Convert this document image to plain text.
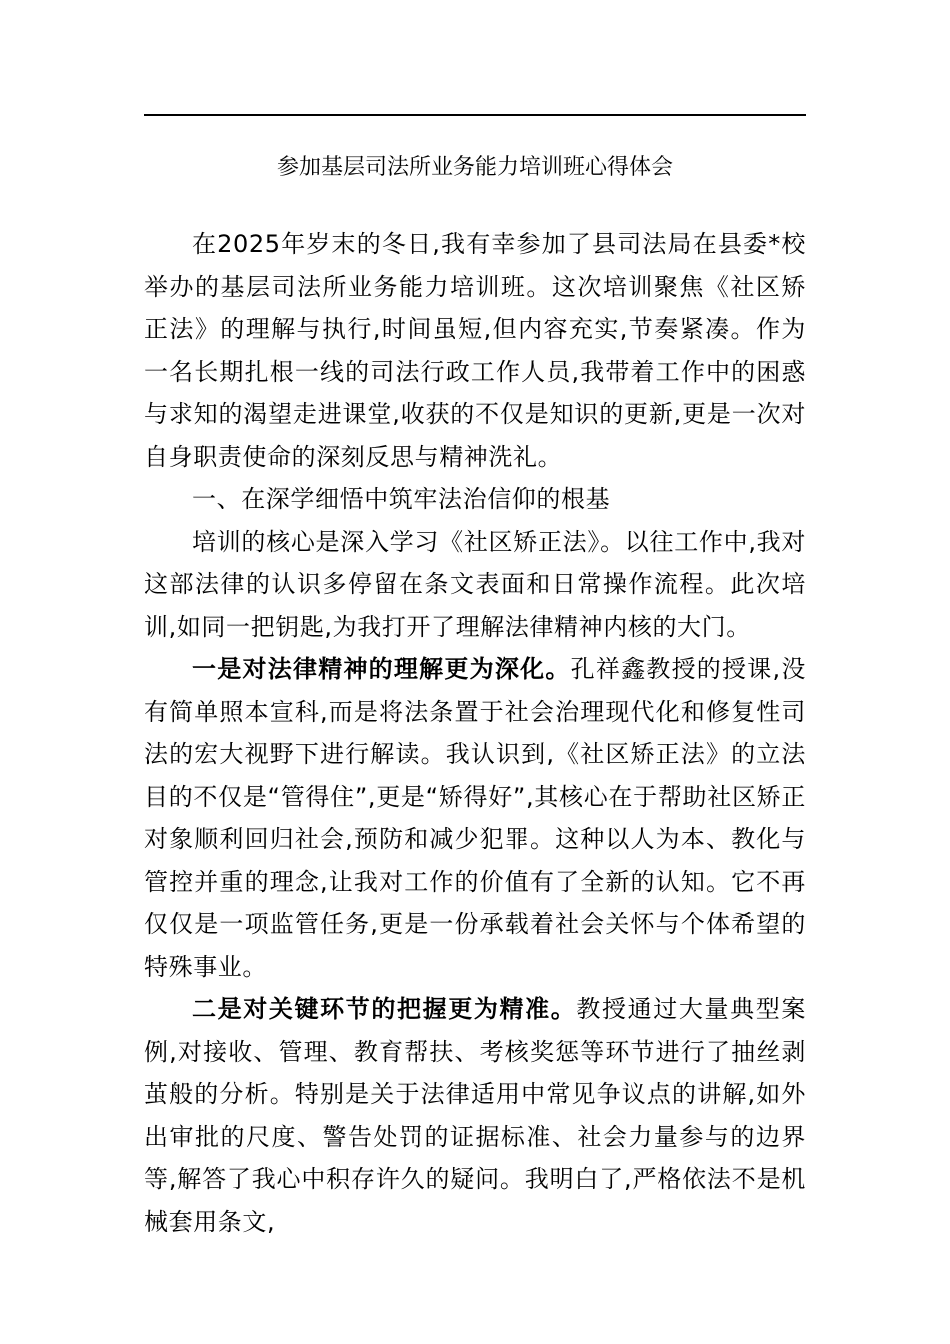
参加基层司法所业务能力培训班心得体会

在2025年岁末的冬日,我有幸参加了县司法局在县委*校举办的基层司法所业务能力培训班。这次培训聚焦《社区矫正法》的理解与执行,时间虽短,但内容充实,节奏紧凑。作为一名长期扎根一线的司法行政工作人员,我带着工作中的困惑与求知的渴望走进课堂,收获的不仅是知识的更新,更是一次对自身职责使命的深刻反思与精神洗礼。

一、在深学细悟中筑牢法治信仰的根基

培训的核心是深入学习《社区矫正法》。以往工作中,我对这部法律的认识多停留在条文表面和日常操作流程。此次培训,如同一把钥匙,为我打开了理解法律精神内核的大门。

一是对法律精神的理解更为深化。孔祥鑫教授的授课,没有简单照本宣科,而是将法条置于社会治理现代化和修复性司法的宏大视野下进行解读。我认识到,《社区矫正法》的立法目的不仅是“管得住”,更是“矫得好”,其核心在于帮助社区矫正对象顺利回归社会,预防和减少犯罪。这种以人为本、教化与管控并重的理念,让我对工作的价值有了全新的认知。它不再仅仅是一项监管任务,更是一份承载着社会关怀与个体希望的特殊事业。

二是对关键环节的把握更为精准。教授通过大量典型案例,对接收、管理、教育帮扶、考核奖惩等环节进行了抽丝剥茧般的分析。特别是关于法律适用中常见争议点的讲解,如外出审批的尺度、警告处罚的证据标准、社会力量参与的边界等,解答了我心中积存许久的疑问。我明白了,严格依法不是机械套用条文,
